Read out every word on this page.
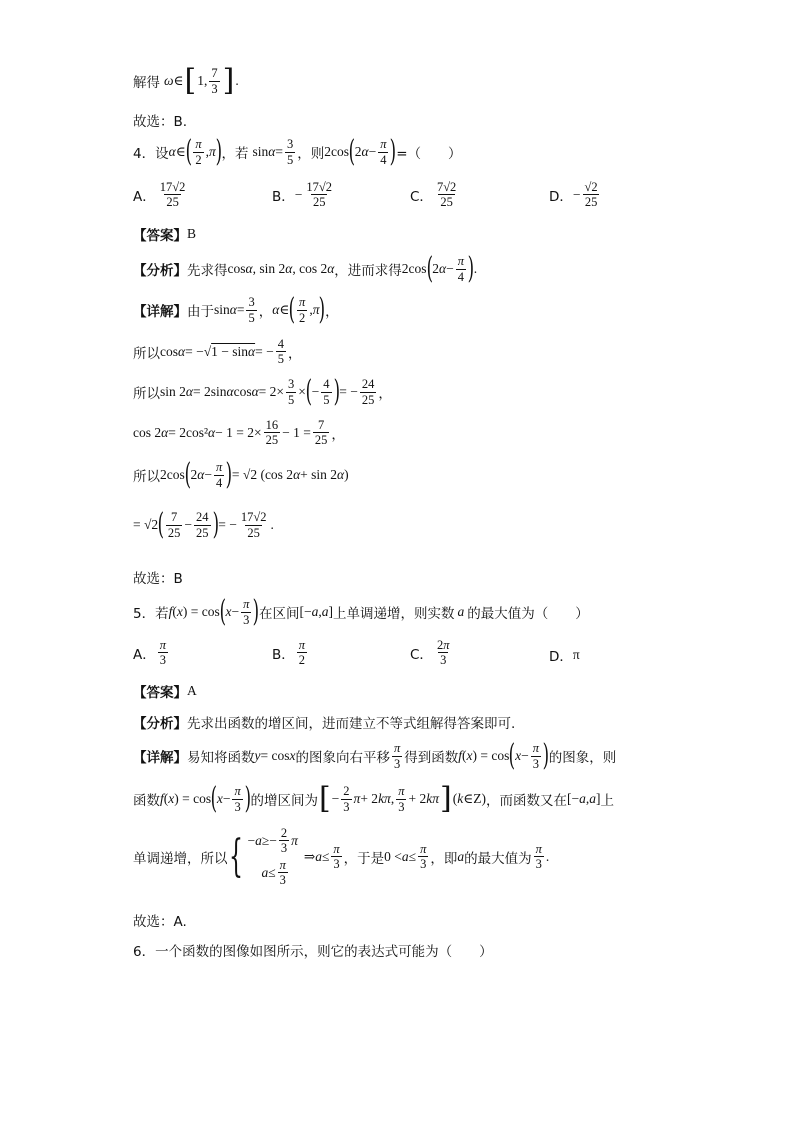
解得 ω ∈ [ 1, $\frac{7}{3}$ ] .
故选：B.
4．设 α ∈ ( $\frac{\pi}{2}$ , π ) ，若 $\sin \alpha = \frac{3}{5}$ ，则 2cos ( 2 $\alpha - \frac{\pi}{4}$ ) =（　　）
A． $\frac{17√2}{25}$	B． − $\frac{17√2}{25}$	C． $\frac{7√2}{25}$	D． − $\frac{√2}{25}$
【答案】 B
【分析】 先求得 cos α , sin 2 α , cos 2 α ，进而求得 2cos ( 2 $\alpha - \frac{\pi}{4}$ ) .
【详解】 由于 $\sin \alpha = \frac{3}{5}$ ， α ∈ ( $\frac{\pi}{2}$ , π ) ，
所以 cos α = −√ 1 − sinα = − $\frac{4}{5}$ ，
所以 sin 2 α = 2sin α $\cos \alpha = 2\times \frac{3}{5}$ × ( − $\frac{4}{5}$ ) = − $\frac{24}{25}$ ，
cos 2 α = 2cos² $\alpha - 1 = 2\times \frac{16}{25} - 1 = \frac{7}{25}$ ，
所以 2cos ( 2 $\alpha - \frac{\pi}{4}$ ) = √2 (cos 2 α + sin 2 α )
= √2 ( $\frac{7}{25} - \frac{24}{25}$ ) = − $\frac{17√2}{25}$ .
故选：B
5．若 f ( x ) = cos ( $x - \frac{\pi}{3}$ ) 在区间 [− a , a ] 上单调递增，则实数 a 的最大值为（　　）
A． $\frac{\pi}{3}$	B． $\frac{\pi}{2}$	C． $\frac{2\pi}{3}$	D． π
【答案】 A
【分析】 先求出函数的增区间，进而建立不等式组解得答案即可.
【详解】 易知将函数 y = cos x 的图象向右平移 $\frac{\pi}{3}$ 得到函数 f ( x ) = cos ( $x - \frac{\pi}{3}$ ) 的图象，则
函数 f ( x ) = cos ( $x - \frac{\pi}{3}$ ) 的增区间为 [ − $\frac{2}{3}$ π + 2 kπ , $\frac{\pi}{3} + 2$ kπ ] ( k ∈Z) ，而函数又在 [− a , a ] 上
单调递增，所以 { − $a \ge- \frac{2}{3}$ π
$a \le \frac{\pi}{3}$
⇒ $a \le \frac{\pi}{3}$ ，于是 $0 < a \le \frac{\pi}{3}$ ，即 a 的最大值为 $\frac{\pi}{3}$ .
故选：A.
6．一个函数的图像如图所示，则它的表达式可能为（　　）
